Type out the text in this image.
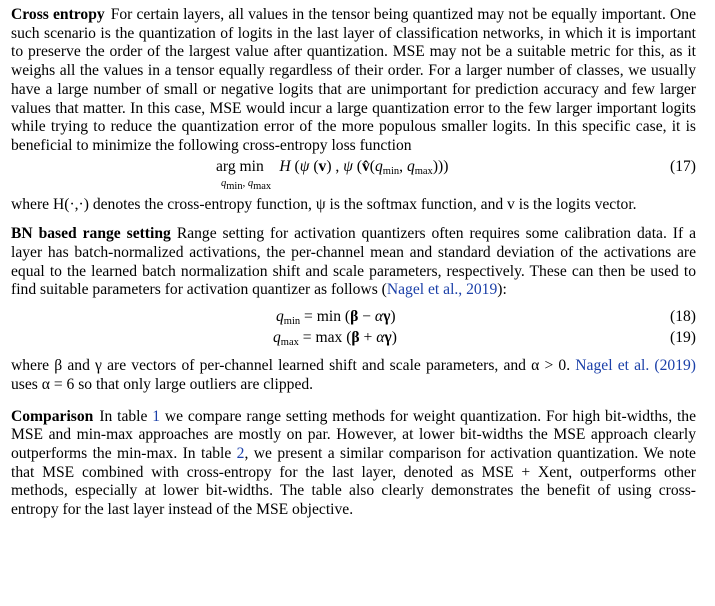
Cross entropy For certain layers, all values in the tensor being quantized may not be equally important. One such scenario is the quantization of logits in the last layer of classification networks, in which it is important to preserve the order of the largest value after quantization. MSE may not be a suitable metric for this, as it weighs all the values in a tensor equally regardless of their order. For a larger number of classes, we usually have a large number of small or negative logits that are unimportant for prediction accuracy and few larger values that matter. In this case, MSE would incur a large quantization error to the few larger important logits while trying to reduce the quantization error of the more populous smaller logits. In this specific case, it is beneficial to minimize the following cross-entropy loss function

arg min    H (ψ (v) , ψ ($v̂(q_{min}$, $q_{max}$)))
$q_{min}$, $q_{max}$
(17)

where H(·,·) denotes the cross-entropy function, ψ is the softmax function, and v is the logits vector.

BN based range setting Range setting for activation quantizers often requires some calibration data. If a layer has batch-normalized activations, the per-channel mean and standard deviation of the activations are equal to the learned batch normalization shift and scale parameters, respectively. These can then be used to find suitable parameters for activation quantizer as follows (Nagel et al., 2019):

$q_{min} = \min (\beta - \alpha\gamma)$	(18)
$q_{max} = \max (\beta + \alpha\gamma)$	(19)

where β and γ are vectors of per-channel learned shift and scale parameters, and α > 0. Nagel et al. (2019) uses α = 6 so that only large outliers are clipped.

Comparison In table 1 we compare range setting methods for weight quantization. For high bit-widths, the MSE and min-max approaches are mostly on par. However, at lower bit-widths the MSE approach clearly outperforms the min-max. In table 2, we present a similar comparison for activation quantization. We note that MSE combined with cross-entropy for the last layer, denoted as MSE + Xent, outperforms other methods, especially at lower bit-widths. The table also clearly demonstrates the benefit of using cross-entropy for the last layer instead of the MSE objective.
